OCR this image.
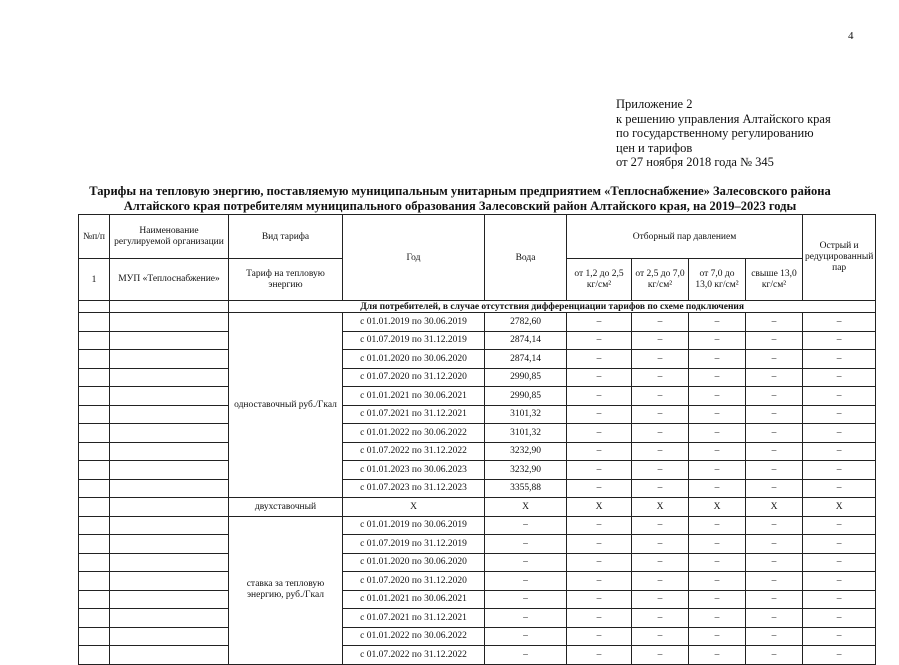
4
Приложение 2
к решению управления Алтайского края
по государственному регулированию
цен и тарифов
от 27 ноября 2018 года № 345
Тарифы на тепловую энергию, поставляемую муниципальным унитарным предприятием «Теплоснабжение» Залесовского района
Алтайского края потребителям муниципального образования Залесовский район Алтайского края, на 2019–2023 годы
№п/п	Наименование регулируемой организации	Вид тарифа	Год	Вода	Отборный пар давлением				Острый и редуцированный пар
1	МУП «Теплоснабжение»	Тариф на тепловую энергию			от 1,2 до 2,5 кг/см²	от 2,5 до 7,0 кг/см²	от 7,0 до 13,0 кг/см²	свыше 13,0 кг/см²	
		Для потребителей, в случае отсутствия дифференциации тарифов по схеме подключения							
		одноставочный руб./Гкал	с 01.01.2019 по 30.06.2019	2782,60	–	–	–	–	–
			с 01.07.2019 по 31.12.2019	2874,14	–	–	–	–	–
			с 01.01.2020 по 30.06.2020	2874,14	–	–	–	–	–
			с 01.07.2020 по 31.12.2020	2990,85	–	–	–	–	–
			с 01.01.2021 по 30.06.2021	2990,85	–	–	–	–	–
			с 01.07.2021 по 31.12.2021	3101,32	–	–	–	–	–
			с 01.01.2022 по 30.06.2022	3101,32	–	–	–	–	–
			с 01.07.2022 по 31.12.2022	3232,90	–	–	–	–	–
			с 01.01.2023 по 30.06.2023	3232,90	–	–	–	–	–
			с 01.07.2023 по 31.12.2023	3355,88	–	–	–	–	–
		двухставочный	Х	Х	Х	Х	Х	Х	Х
		ставка за тепловую энергию, руб./Гкал	с 01.01.2019 по 30.06.2019	–	–	–	–	–	–
			с 01.07.2019 по 31.12.2019	–	–	–	–	–	–
			с 01.01.2020 по 30.06.2020	–	–	–	–	–	–
			с 01.07.2020 по 31.12.2020	–	–	–	–	–	–
			с 01.01.2021 по 30.06.2021	–	–	–	–	–	–
			с 01.07.2021 по 31.12.2021	–	–	–	–	–	–
			с 01.01.2022 по 30.06.2022	–	–	–	–	–	–
			с 01.07.2022 по 31.12.2022	–	–	–	–	–	–
